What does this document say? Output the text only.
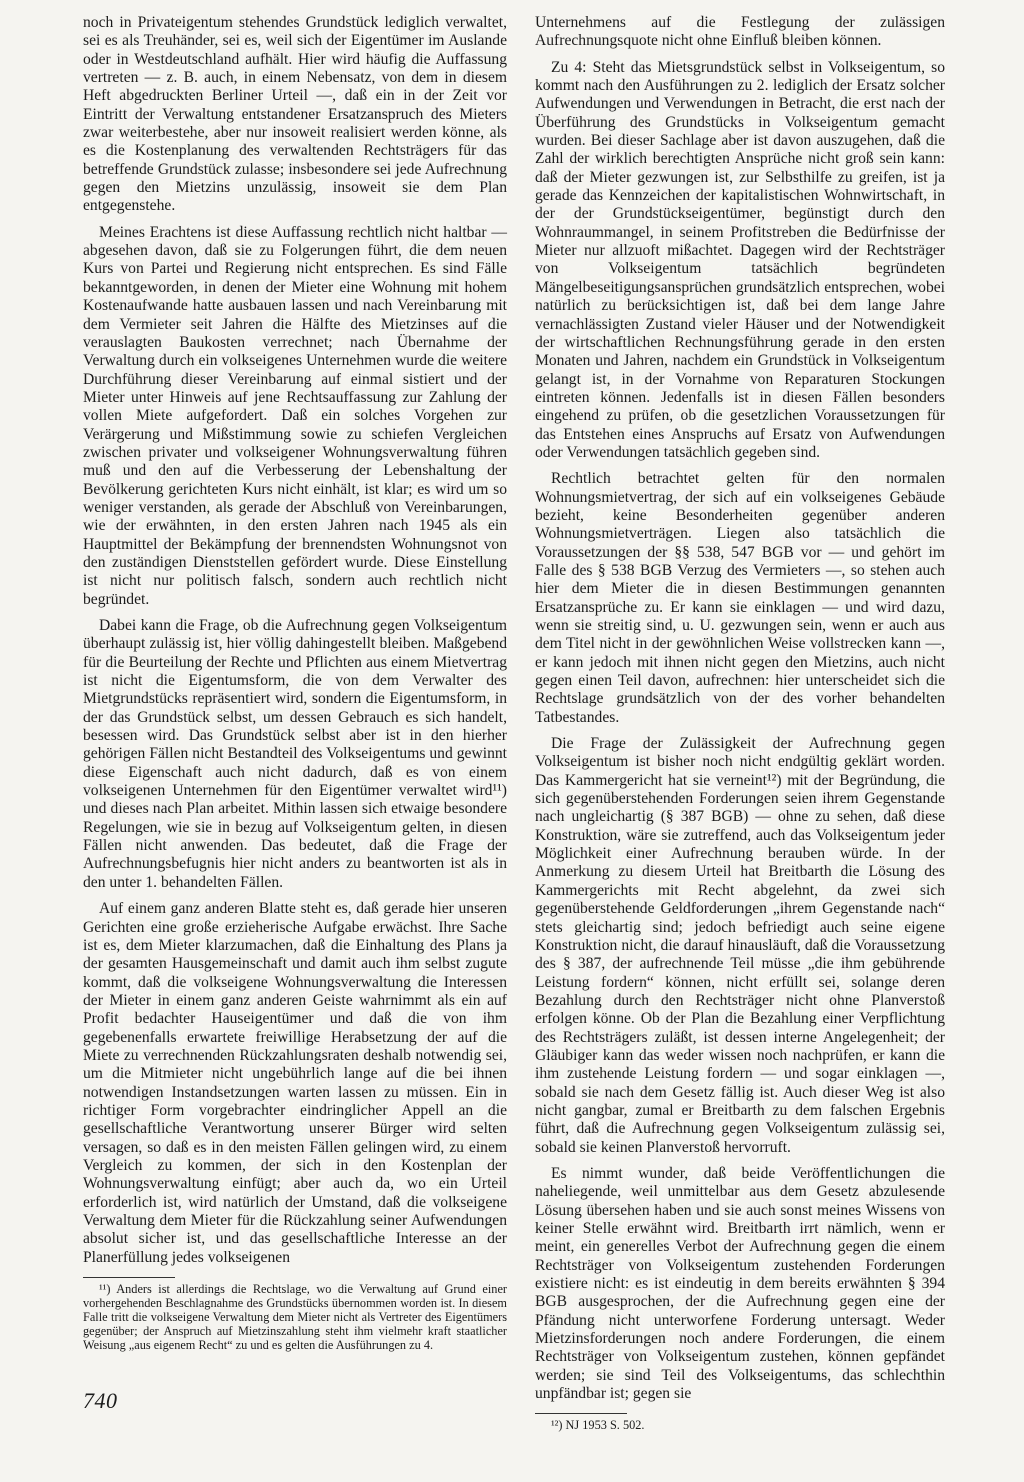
noch in Privateigentum stehendes Grundstück lediglich verwaltet, sei es als Treuhänder, sei es, weil sich der Eigentümer im Auslande oder in Westdeutschland aufhält. Hier wird häufig die Auffassung vertreten — z. B. auch, in einem Nebensatz, von dem in diesem Heft abgedruckten Berliner Urteil —, daß ein in der Zeit vor Eintritt der Verwaltung entstandener Ersatzanspruch des Mieters zwar weiterbestehe, aber nur insoweit realisiert werden könne, als es die Kostenplanung des verwaltenden Rechtsträgers für das betreffende Grundstück zulasse; insbesondere sei jede Aufrechnung gegen den Mietzins unzulässig, insoweit sie dem Plan entgegenstehe.

Meines Erachtens ist diese Auffassung rechtlich nicht haltbar — abgesehen davon, daß sie zu Folgerungen führt, die dem neuen Kurs von Partei und Regierung nicht entsprechen. Es sind Fälle bekanntgeworden, in denen der Mieter eine Wohnung mit hohem Kostenaufwande hatte ausbauen lassen und nach Vereinbarung mit dem Vermieter seit Jahren die Hälfte des Mietzinses auf die verauslagten Baukosten verrechnet; nach Übernahme der Verwaltung durch ein volkseigenes Unternehmen wurde die weitere Durchführung dieser Vereinbarung auf einmal sistiert und der Mieter unter Hinweis auf jene Rechtsauffassung zur Zahlung der vollen Miete aufgefordert. Daß ein solches Vorgehen zur Verärgerung und Mißstimmung sowie zu schiefen Vergleichen zwischen privater und volkseigener Wohnungsverwaltung führen muß und den auf die Verbesserung der Lebenshaltung der Bevölkerung gerichteten Kurs nicht einhält, ist klar; es wird um so weniger verstanden, als gerade der Abschluß von Vereinbarungen, wie der erwähnten, in den ersten Jahren nach 1945 als ein Hauptmittel der Bekämpfung der brennendsten Wohnungsnot von den zuständigen Dienststellen gefördert wurde. Diese Einstellung ist nicht nur politisch falsch, sondern auch rechtlich nicht begründet.

Dabei kann die Frage, ob die Aufrechnung gegen Volkseigentum überhaupt zulässig ist, hier völlig dahingestellt bleiben. Maßgebend für die Beurteilung der Rechte und Pflichten aus einem Mietvertrag ist nicht die Eigentumsform, die von dem Verwalter des Mietgrundstücks repräsentiert wird, sondern die Eigentumsform, in der das Grundstück selbst, um dessen Gebrauch es sich handelt, besessen wird. Das Grundstück selbst aber ist in den hierher gehörigen Fällen nicht Bestandteil des Volkseigentums und gewinnt diese Eigenschaft auch nicht dadurch, daß es von einem volkseigenen Unternehmen für den Eigentümer verwaltet wird¹¹) und dieses nach Plan arbeitet. Mithin lassen sich etwaige besondere Regelungen, wie sie in bezug auf Volkseigentum gelten, in diesen Fällen nicht anwenden. Das bedeutet, daß die Frage der Aufrechnungsbefugnis hier nicht anders zu beantworten ist als in den unter 1. behandelten Fällen.

Auf einem ganz anderen Blatte steht es, daß gerade hier unseren Gerichten eine große erzieherische Aufgabe erwächst. Ihre Sache ist es, dem Mieter klarzumachen, daß die Einhaltung des Plans ja der gesamten Hausgemeinschaft und damit auch ihm selbst zugute kommt, daß die volkseigene Wohnungsverwaltung die Interessen der Mieter in einem ganz anderen Geiste wahrnimmt als ein auf Profit bedachter Hauseigentümer und daß die von ihm gegebenenfalls erwartete freiwillige Herabsetzung der auf die Miete zu verrechnenden Rückzahlungsraten deshalb notwendig sei, um die Mitmieter nicht ungebührlich lange auf die bei ihnen notwendigen Instandsetzungen warten lassen zu müssen. Ein in richtiger Form vorgebrachter eindringlicher Appell an die gesellschaftliche Verantwortung unserer Bürger wird selten versagen, so daß es in den meisten Fällen gelingen wird, zu einem Vergleich zu kommen, der sich in den Kostenplan der Wohnungsverwaltung einfügt; aber auch da, wo ein Urteil erforderlich ist, wird natürlich der Umstand, daß die volkseigene Verwaltung dem Mieter für die Rückzahlung seiner Aufwendungen absolut sicher ist, und das gesellschaftliche Interesse an der Planerfüllung jedes volkseigenen

¹¹) Anders ist allerdings die Rechtslage, wo die Verwaltung auf Grund einer vorhergehenden Beschlagnahme des Grundstücks übernommen worden ist. In diesem Falle tritt die volkseigene Verwaltung dem Mieter nicht als Vertreter des Eigentümers gegenüber; der Anspruch auf Mietzinszahlung steht ihm vielmehr kraft staatlicher Weisung „aus eigenem Recht“ zu und es gelten die Ausführungen zu 4.

Unternehmens auf die Festlegung der zulässigen Aufrechnungsquote nicht ohne Einfluß bleiben können.

Zu 4: Steht das Mietsgrundstück selbst in Volkseigentum, so kommt nach den Ausführungen zu 2. lediglich der Ersatz solcher Aufwendungen und Verwendungen in Betracht, die erst nach der Überführung des Grundstücks in Volkseigentum gemacht wurden. Bei dieser Sachlage aber ist davon auszugehen, daß die Zahl der wirklich berechtigten Ansprüche nicht groß sein kann: daß der Mieter gezwungen ist, zur Selbsthilfe zu greifen, ist ja gerade das Kennzeichen der kapitalistischen Wohnwirtschaft, in der der Grundstückseigentümer, begünstigt durch den Wohnraummangel, in seinem Profitstreben die Bedürfnisse der Mieter nur allzuoft mißachtet. Dagegen wird der Rechtsträger von Volkseigentum tatsächlich begründeten Mängelbeseitigungsansprüchen grundsätzlich entsprechen, wobei natürlich zu berücksichtigen ist, daß bei dem lange Jahre vernachlässigten Zustand vieler Häuser und der Notwendigkeit der wirtschaftlichen Rechnungsführung gerade in den ersten Monaten und Jahren, nachdem ein Grundstück in Volkseigentum gelangt ist, in der Vornahme von Reparaturen Stockungen eintreten können. Jedenfalls ist in diesen Fällen besonders eingehend zu prüfen, ob die gesetzlichen Voraussetzungen für das Entstehen eines Anspruchs auf Ersatz von Aufwendungen oder Verwendungen tatsächlich gegeben sind.

Rechtlich betrachtet gelten für den normalen Wohnungsmietvertrag, der sich auf ein volkseigenes Gebäude bezieht, keine Besonderheiten gegenüber anderen Wohnungsmietverträgen. Liegen also tatsächlich die Voraussetzungen der §§ 538, 547 BGB vor — und gehört im Falle des § 538 BGB Verzug des Vermieters —, so stehen auch hier dem Mieter die in diesen Bestimmungen genannten Ersatzansprüche zu. Er kann sie einklagen — und wird dazu, wenn sie streitig sind, u. U. gezwungen sein, wenn er auch aus dem Titel nicht in der gewöhnlichen Weise vollstrecken kann —, er kann jedoch mit ihnen nicht gegen den Mietzins, auch nicht gegen einen Teil davon, aufrechnen: hier unterscheidet sich die Rechtslage grundsätzlich von der des vorher behandelten Tatbestandes.

Die Frage der Zulässigkeit der Aufrechnung gegen Volkseigentum ist bisher noch nicht endgültig geklärt worden. Das Kammergericht hat sie verneint¹²) mit der Begründung, die sich gegenüberstehenden Forderungen seien ihrem Gegenstande nach ungleichartig (§ 387 BGB) — ohne zu sehen, daß diese Konstruktion, wäre sie zutreffend, auch das Volkseigentum jeder Möglichkeit einer Aufrechnung berauben würde. In der Anmerkung zu diesem Urteil hat Breitbarth die Lösung des Kammergerichts mit Recht abgelehnt, da zwei sich gegenüberstehende Geldforderungen „ihrem Gegenstande nach“ stets gleichartig sind; jedoch befriedigt auch seine eigene Konstruktion nicht, die darauf hinausläuft, daß die Voraussetzung des § 387, der aufrechnende Teil müsse „die ihm gebührende Leistung fordern“ können, nicht erfüllt sei, solange deren Bezahlung durch den Rechtsträger nicht ohne Planverstoß erfolgen könne. Ob der Plan die Bezahlung einer Verpflichtung des Rechtsträgers zuläßt, ist dessen interne Angelegenheit; der Gläubiger kann das weder wissen noch nachprüfen, er kann die ihm zustehende Leistung fordern — und sogar einklagen —, sobald sie nach dem Gesetz fällig ist. Auch dieser Weg ist also nicht gangbar, zumal er Breitbarth zu dem falschen Ergebnis führt, daß die Aufrechnung gegen Volkseigentum zulässig sei, sobald sie keinen Planverstoß hervorruft.

Es nimmt wunder, daß beide Veröffentlichungen die naheliegende, weil unmittelbar aus dem Gesetz abzulesende Lösung übersehen haben und sie auch sonst meines Wissens von keiner Stelle erwähnt wird. Breitbarth irrt nämlich, wenn er meint, ein generelles Verbot der Aufrechnung gegen die einem Rechtsträger von Volkseigentum zustehenden Forderungen existiere nicht: es ist eindeutig in dem bereits erwähnten § 394 BGB ausgesprochen, der die Aufrechnung gegen eine der Pfändung nicht unterworfene Forderung untersagt. Weder Mietzinsforderungen noch andere Forderungen, die einem Rechtsträger von Volkseigentum zustehen, können gepfändet werden; sie sind Teil des Volkseigentums, das schlechthin unpfändbar ist; gegen sie

¹²) NJ 1953 S. 502.

740
